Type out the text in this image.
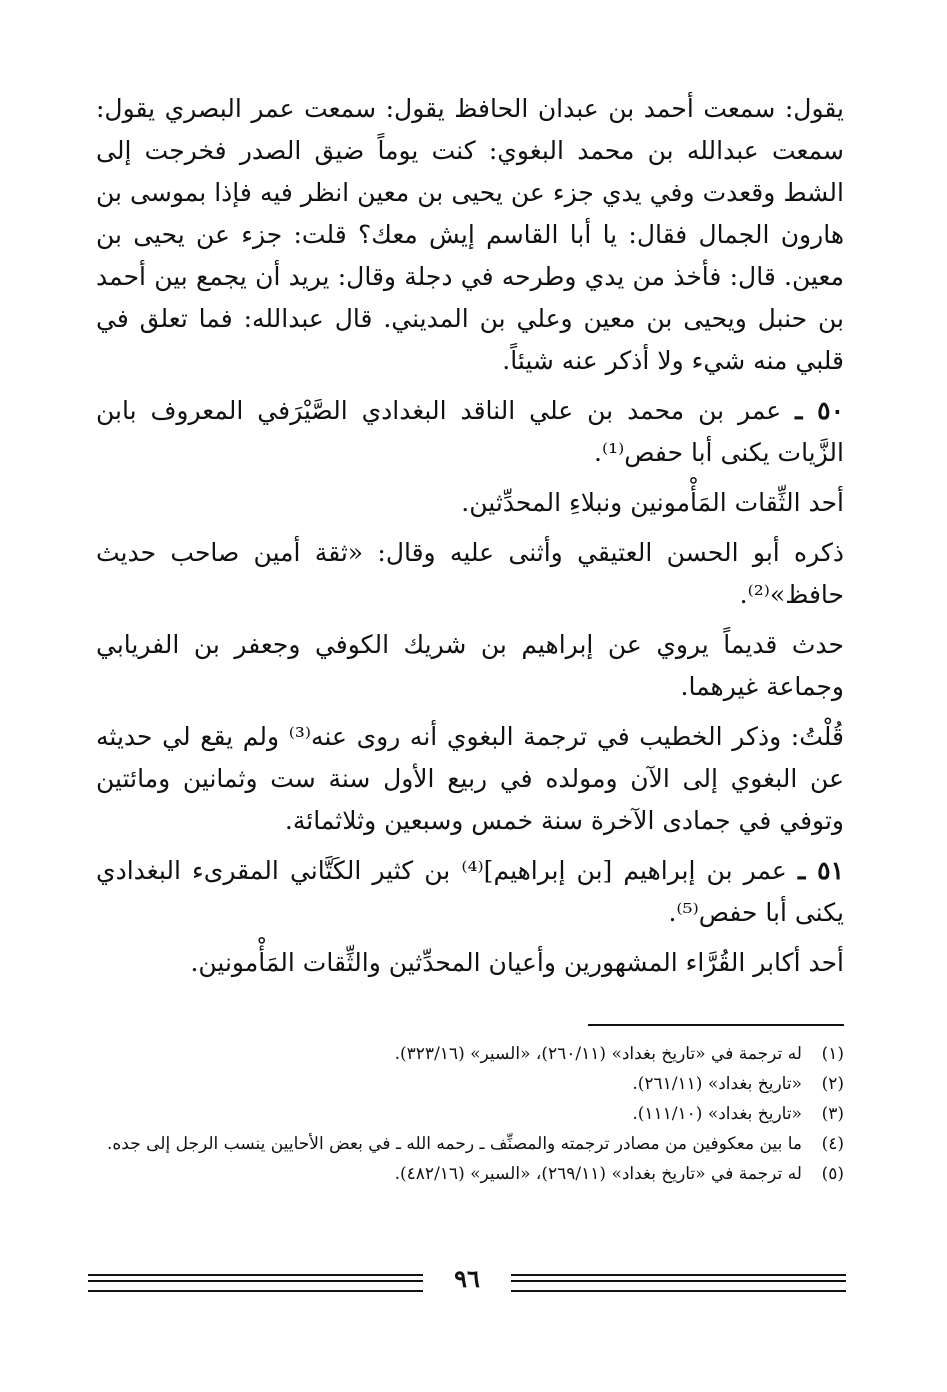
يقول: سمعت أحمد بن عبدان الحافظ يقول: سمعت عمر البصري يقول: سمعت عبدالله بن محمد البغوي: كنت يوماً ضيق الصدر فخرجت إلى الشط وقعدت وفي يدي جزء عن يحيى بن معين انظر فيه فإذا بموسى بن هارون الجمال فقال: يا أبا القاسم إيش معك؟ قلت: جزء عن يحيى بن معين. قال: فأخذ من يدي وطرحه في دجلة وقال: يريد أن يجمع بين أحمد بن حنبل ويحيى بن معين وعلي بن المديني. قال عبدالله: فما تعلق في قلبي منه شيء ولا أذكر عنه شيئاً.

٥٠ ـ عمر بن محمد بن علي الناقد البغدادي الصَّيْرَفي المعروف بابن الزَّيات يكنى أبا حفص⁽¹⁾.

أحد الثِّقات المَأْمونين ونبلاءِ المحدِّثين.

ذكره أبو الحسن العتيقي وأثنى عليه وقال: «ثقة أمين صاحب حديث حافظ»⁽²⁾.

حدث قديماً يروي عن إبراهيم بن شريك الكوفي وجعفر بن الفريابي وجماعة غيرهما.

قُلْتُ: وذكر الخطيب في ترجمة البغوي أنه روى عنه⁽³⁾ ولم يقع لي حديثه عن البغوي إلى الآن ومولده في ربيع الأول سنة ست وثمانين ومائتين وتوفي في جمادى الآخرة سنة خمس وسبعين وثلاثمائة.

٥١ ـ عمر بن إبراهيم [بن إبراهيم]⁽⁴⁾ بن كثير الكَتَّاني المقرىء البغدادي يكنى أبا حفص⁽⁵⁾.

أحد أكابر القُرَّاء المشهورين وأعيان المحدِّثين والثِّقات المَأْمونين.

(١)
له ترجمة في «تاريخ بغداد» (٢٦٠/١١)، «السير» (٣٢٣/١٦).
(٢)
«تاريخ بغداد» (٢٦١/١١).
(٣)
«تاريخ بغداد» (١١١/١٠).
(٤)
ما بين معكوفين من مصادر ترجمته والمصنِّف ـ رحمه الله ـ في بعض الأحايين ينسب الرجل إلى جده.
(٥)
له ترجمة في «تاريخ بغداد» (٢٦٩/١١)، «السير» (٤٨٢/١٦).
٩٦
